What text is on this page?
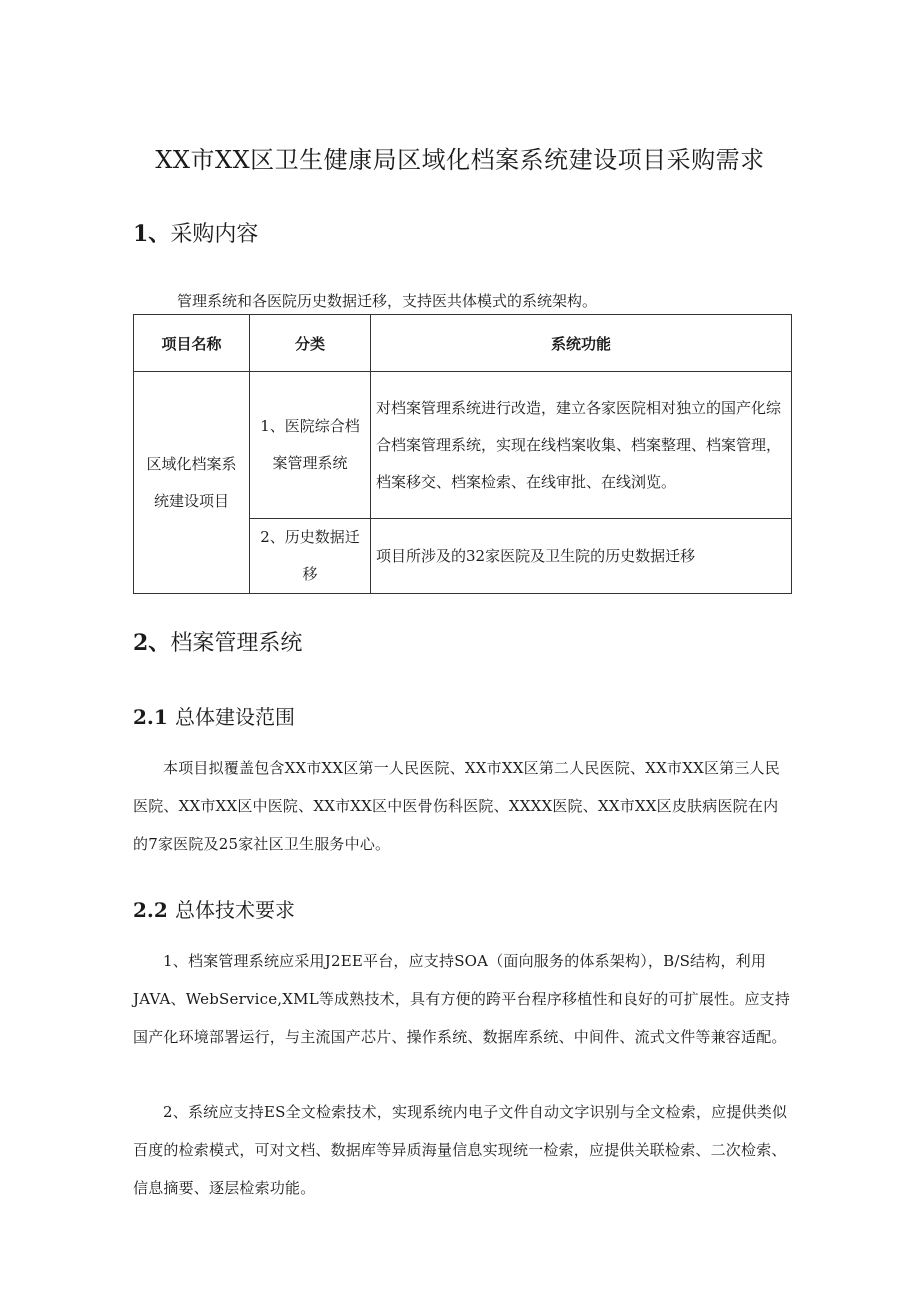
XX市XX区卫生健康局区域化档案系统建设项目采购需求
1、采购内容
管理系统和各医院历史数据迁移，支持医共体模式的系统架构。
项目名称	分类	系统功能
区域化档案系统建设项目	1、医院综合档案管理系统	对档案管理系统进行改造，建立各家医院相对独立的国产化综合档案管理系统，实现在线档案收集、档案整理、档案管理，档案移交、档案检索、在线审批、在线浏览。
	2、历史数据迁移	项目所涉及的32家医院及卫生院的历史数据迁移
2、档案管理系统
2.1 总体建设范围

本项目拟覆盖包含XX市XX区第一人民医院、XX市XX区第二人民医院、XX市XX区第三人民医院、XX市XX区中医院、XX市XX区中医骨伤科医院、XXXX医院、XX市XX区皮肤病医院在内的7家医院及25家社区卫生服务中心。

2.2 总体技术要求

1、档案管理系统应采用J2EE平台，应支持SOA（面向服务的体系架构），B/S结构，利用JAVA、WebService,XML等成熟技术，具有方便的跨平台程序移植性和良好的可扩展性。应支持国产化环境部署运行，与主流国产芯片、操作系统、数据库系统、中间件、流式文件等兼容适配。

2、系统应支持ES全文检索技术，实现系统内电子文件自动文字识别与全文检索，应提供类似百度的检索模式，可对文档、数据库等异质海量信息实现统一检索，应提供关联检索、二次检索、信息摘要、逐层检索功能。
